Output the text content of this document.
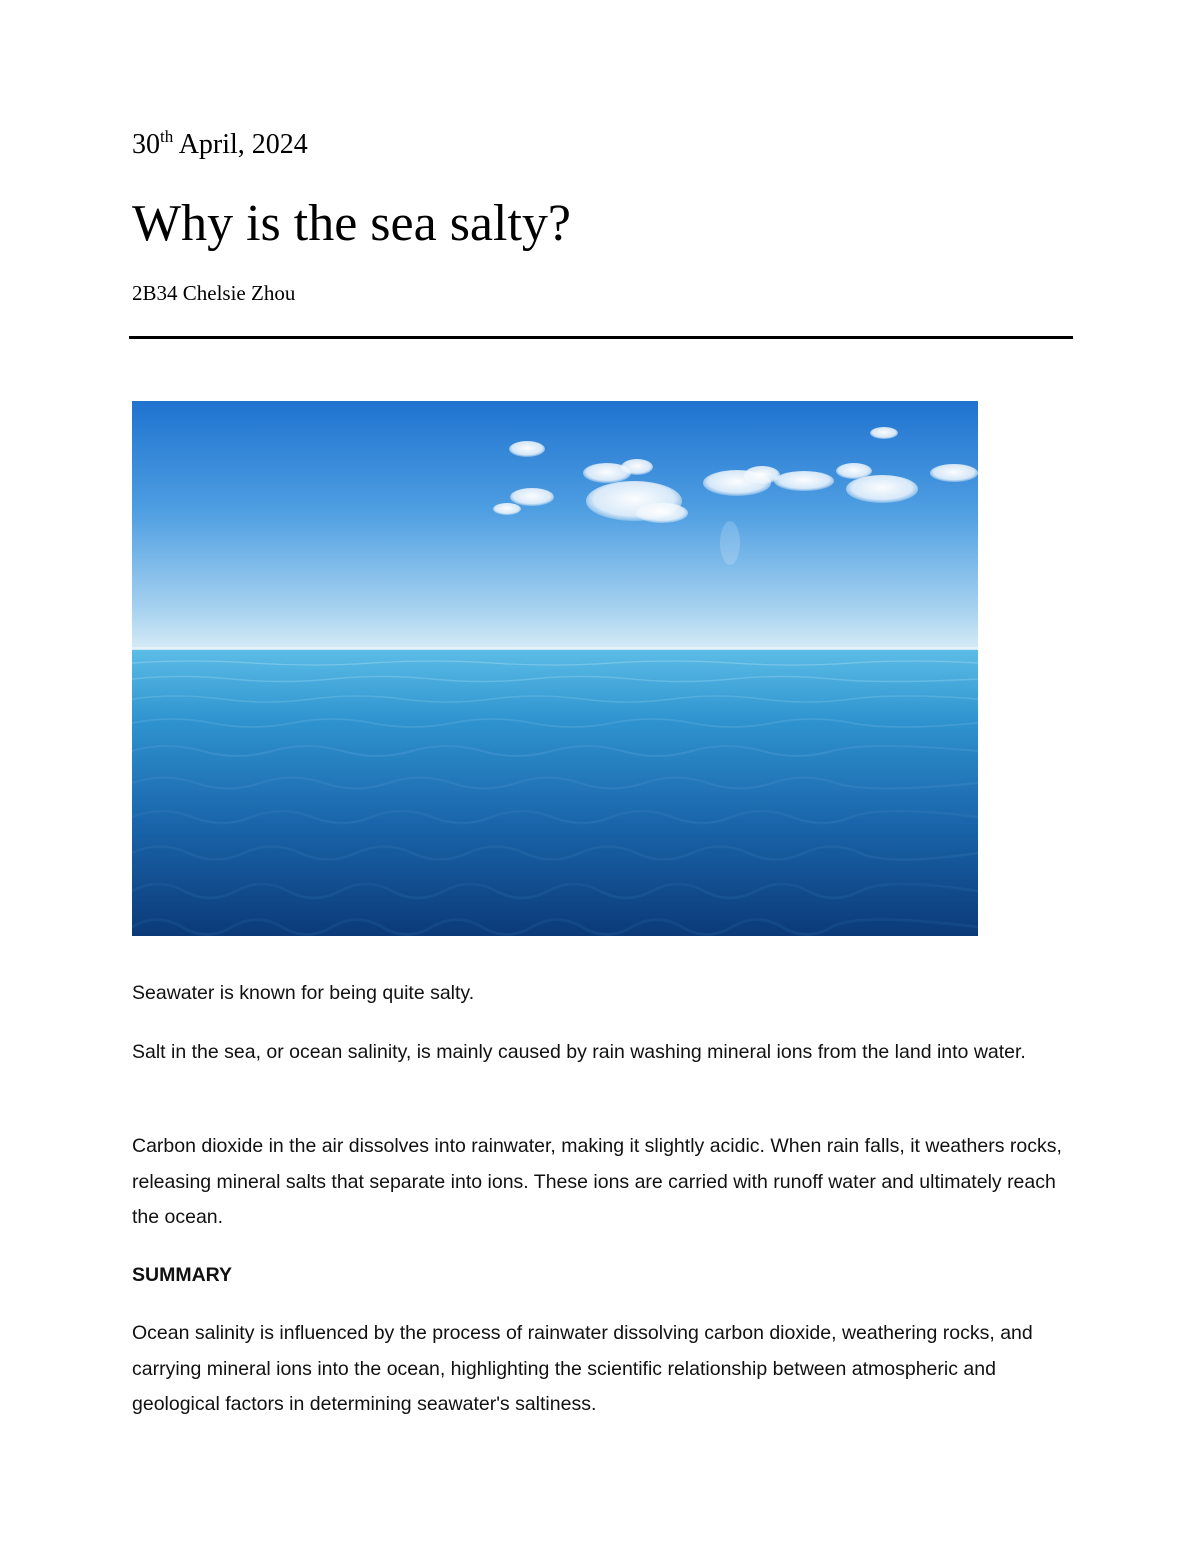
30th April, 2024
Why is the sea salty?
2B34 Chelsie Zhou

Seawater is known for being quite salty.

Salt in the sea, or ocean salinity, is mainly caused by rain washing mineral ions from the land into water.

Carbon dioxide in the air dissolves into rainwater, making it slightly acidic. When rain falls, it weathers rocks, releasing mineral salts that separate into ions. These ions are carried with runoff water and ultimately reach the ocean.

SUMMARY

Ocean salinity is influenced by the process of rainwater dissolving carbon dioxide, weathering rocks, and carrying mineral ions into the ocean, highlighting the scientific relationship between atmospheric and geological factors in determining seawater's saltiness.
